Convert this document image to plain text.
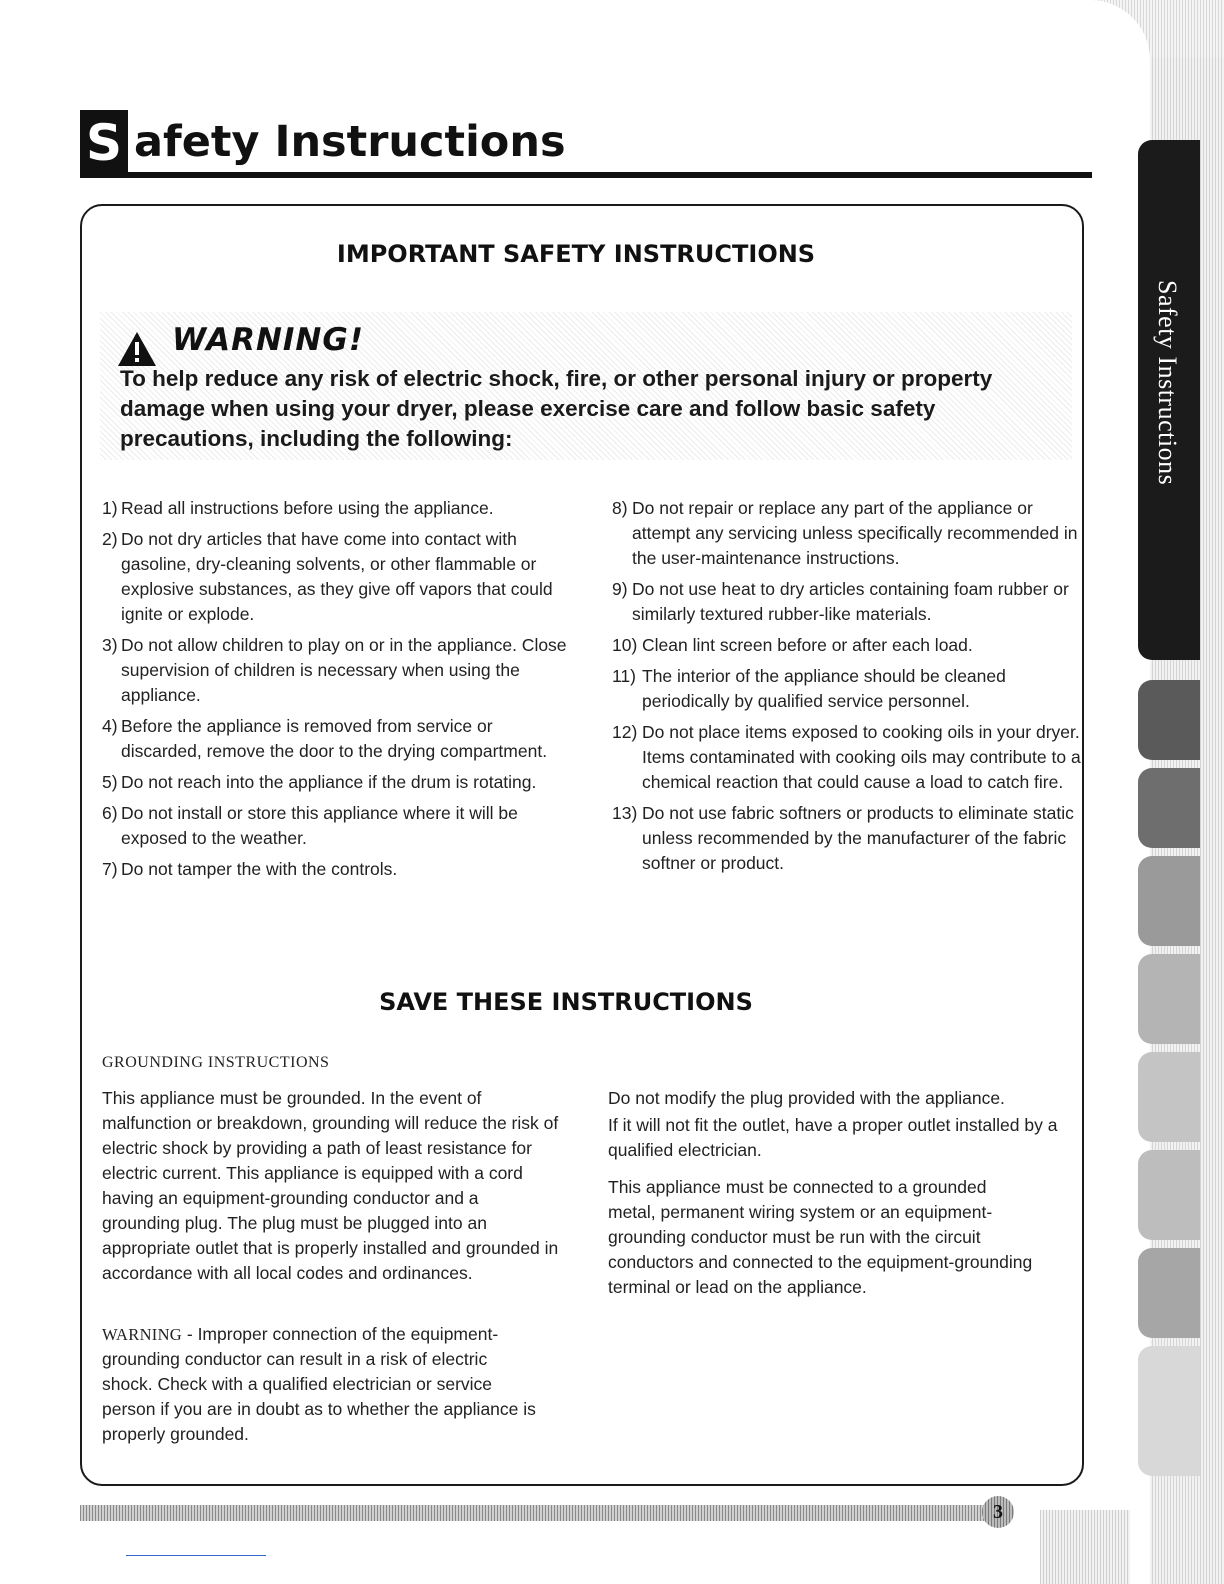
Safety Instructions
S afety Instructions
IMPORTANT SAFETY INSTRUCTIONS
WARNING!
To help reduce any risk of electric shock, fire, or other personal injury or property damage when using your dryer, please exercise care and follow basic safety precautions, including the following:
1) Read all instructions before using the appliance.
2) Do not dry articles that have come into contact with gasoline, dry-cleaning solvents, or other flammable or explosive substances, as they give off vapors that could ignite or explode.
3) Do not allow children to play on or in the appliance. Close supervision of children is necessary when using the appliance.
4) Before the appliance is removed from service or discarded, remove the door to the drying compartment.
5) Do not reach into the appliance if the drum is rotating.
6) Do not install or store this appliance where it will be exposed to the weather.
7) Do not tamper the with the controls.
8) Do not repair or replace any part of the appliance or attempt any servicing unless specifically recommended in the user-maintenance instructions.
9) Do not use heat to dry articles containing foam rubber or similarly textured rubber-like materials.
10) Clean lint screen before or after each load.
11) The interior of the appliance should be cleaned periodically by qualified service personnel.
12) Do not place items exposed to cooking oils in your dryer. Items contaminated with cooking oils may contribute to a chemical reaction that could cause a load to catch fire.
13) Do not use fabric softners or products to eliminate static unless recommended by the manufacturer of the fabric softner or product.
SAVE THESE INSTRUCTIONS
GROUNDING INSTRUCTIONS

This appliance must be grounded. In the event of malfunction or breakdown, grounding will reduce the risk of electric shock by providing a path of least resistance for electric current. This appliance is equipped with a cord having an equipment-grounding conductor and a grounding plug. The plug must be plugged into an appropriate outlet that is properly installed and grounded in accordance with all local codes and ordinances.

WARNING - Improper connection of the equipment-grounding conductor can result in a risk of electric shock. Check with a qualified electrician or service person if you are in doubt as to whether the appliance is properly grounded.

Do not modify the plug provided with the appliance.

If it will not fit the outlet, have a proper outlet installed by a qualified electrician.

This appliance must be connected to a grounded metal, permanent wiring system or an equipment-grounding conductor must be run with the circuit conductors and connected to the equipment-grounding terminal or lead on the appliance.

3
